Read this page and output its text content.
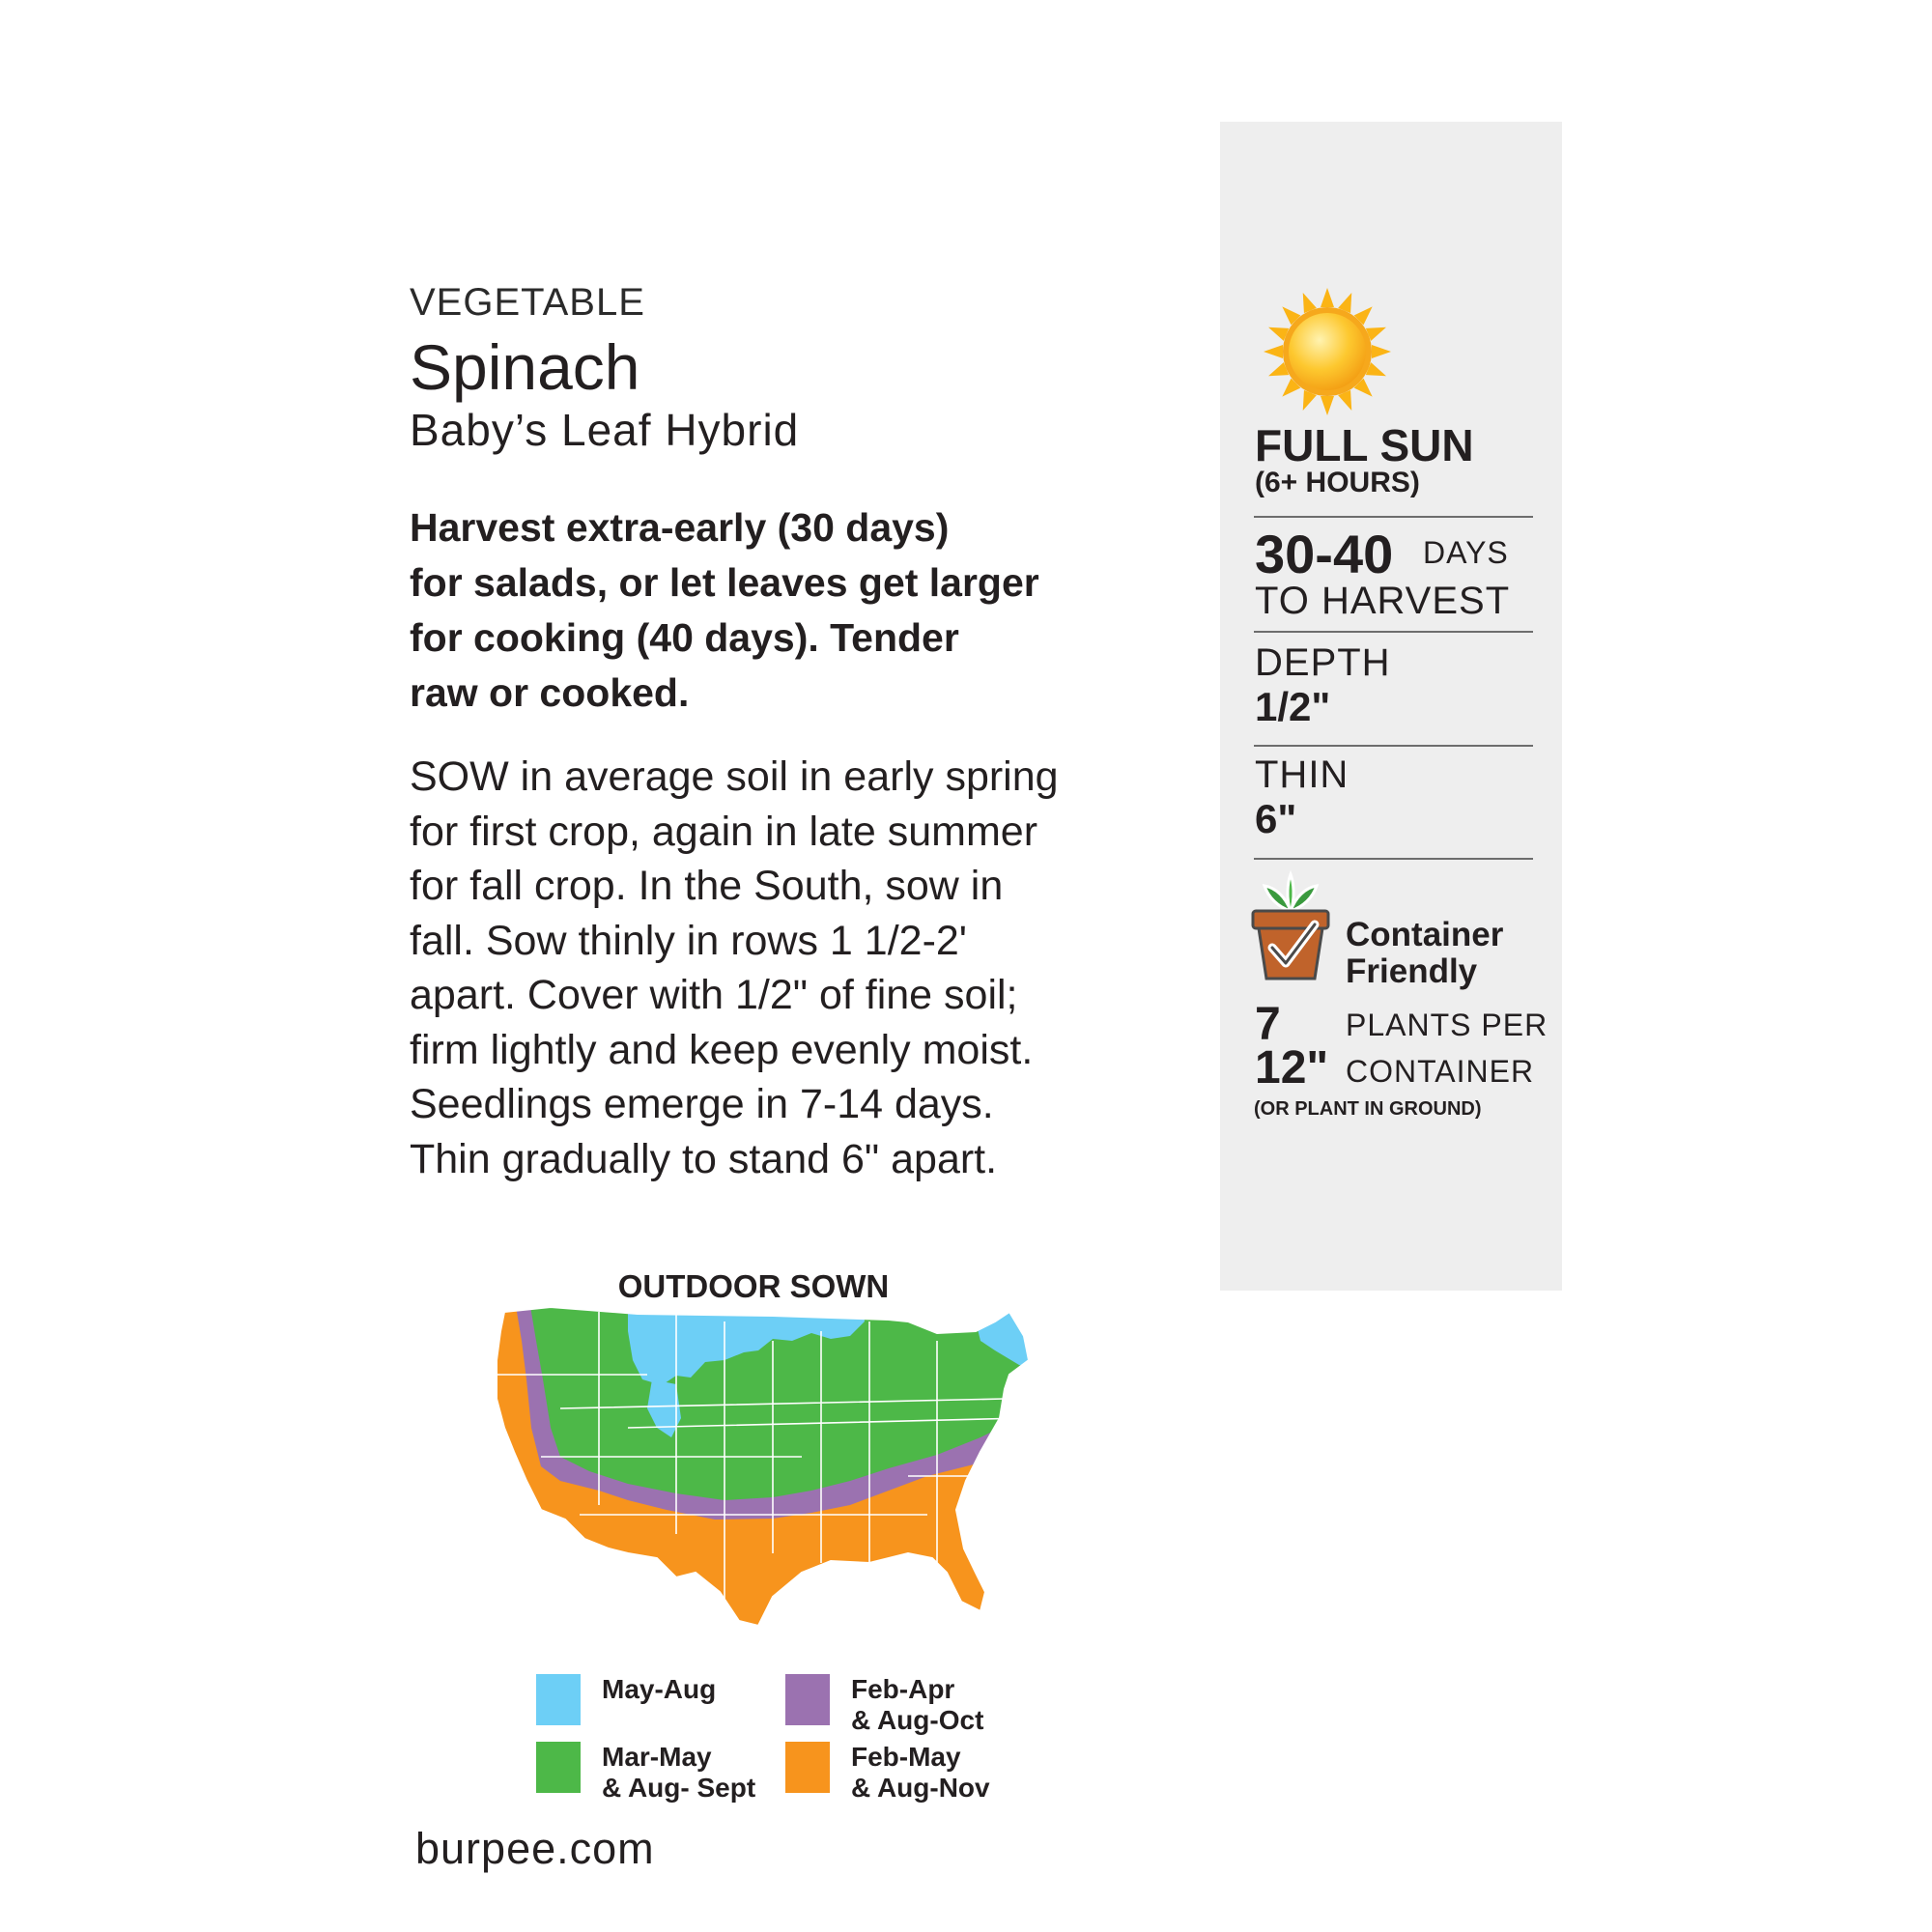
VEGETABLE
Spinach
Baby’s Leaf Hybrid
Harvest extra-early (30 days)
for salads, or let leaves get larger
for cooking (40 days). Tender
raw or cooked.
SOW in average soil in early spring
for first crop, again in late summer
for fall crop. In the South, sow in
fall. Sow thinly in rows 1 1/2-2'
apart. Cover with 1/2" of fine soil;
firm lightly and keep evenly moist.
Seedlings emerge in 7-14 days.
Thin gradually to stand 6" apart.
OUTDOOR SOWN
May-Aug	Feb-Apr
& Aug-Oct
Mar-May
& Aug- Sept
Feb-May
& Aug-Nov
burpee.com
FULL SUN
(6+ HOURS)
30-40 DAYS
TO HARVEST
DEPTH
1/2"
THIN
6"
Container
Friendly
7 PLANTS PER
12" CONTAINER
(OR PLANT IN GROUND)
